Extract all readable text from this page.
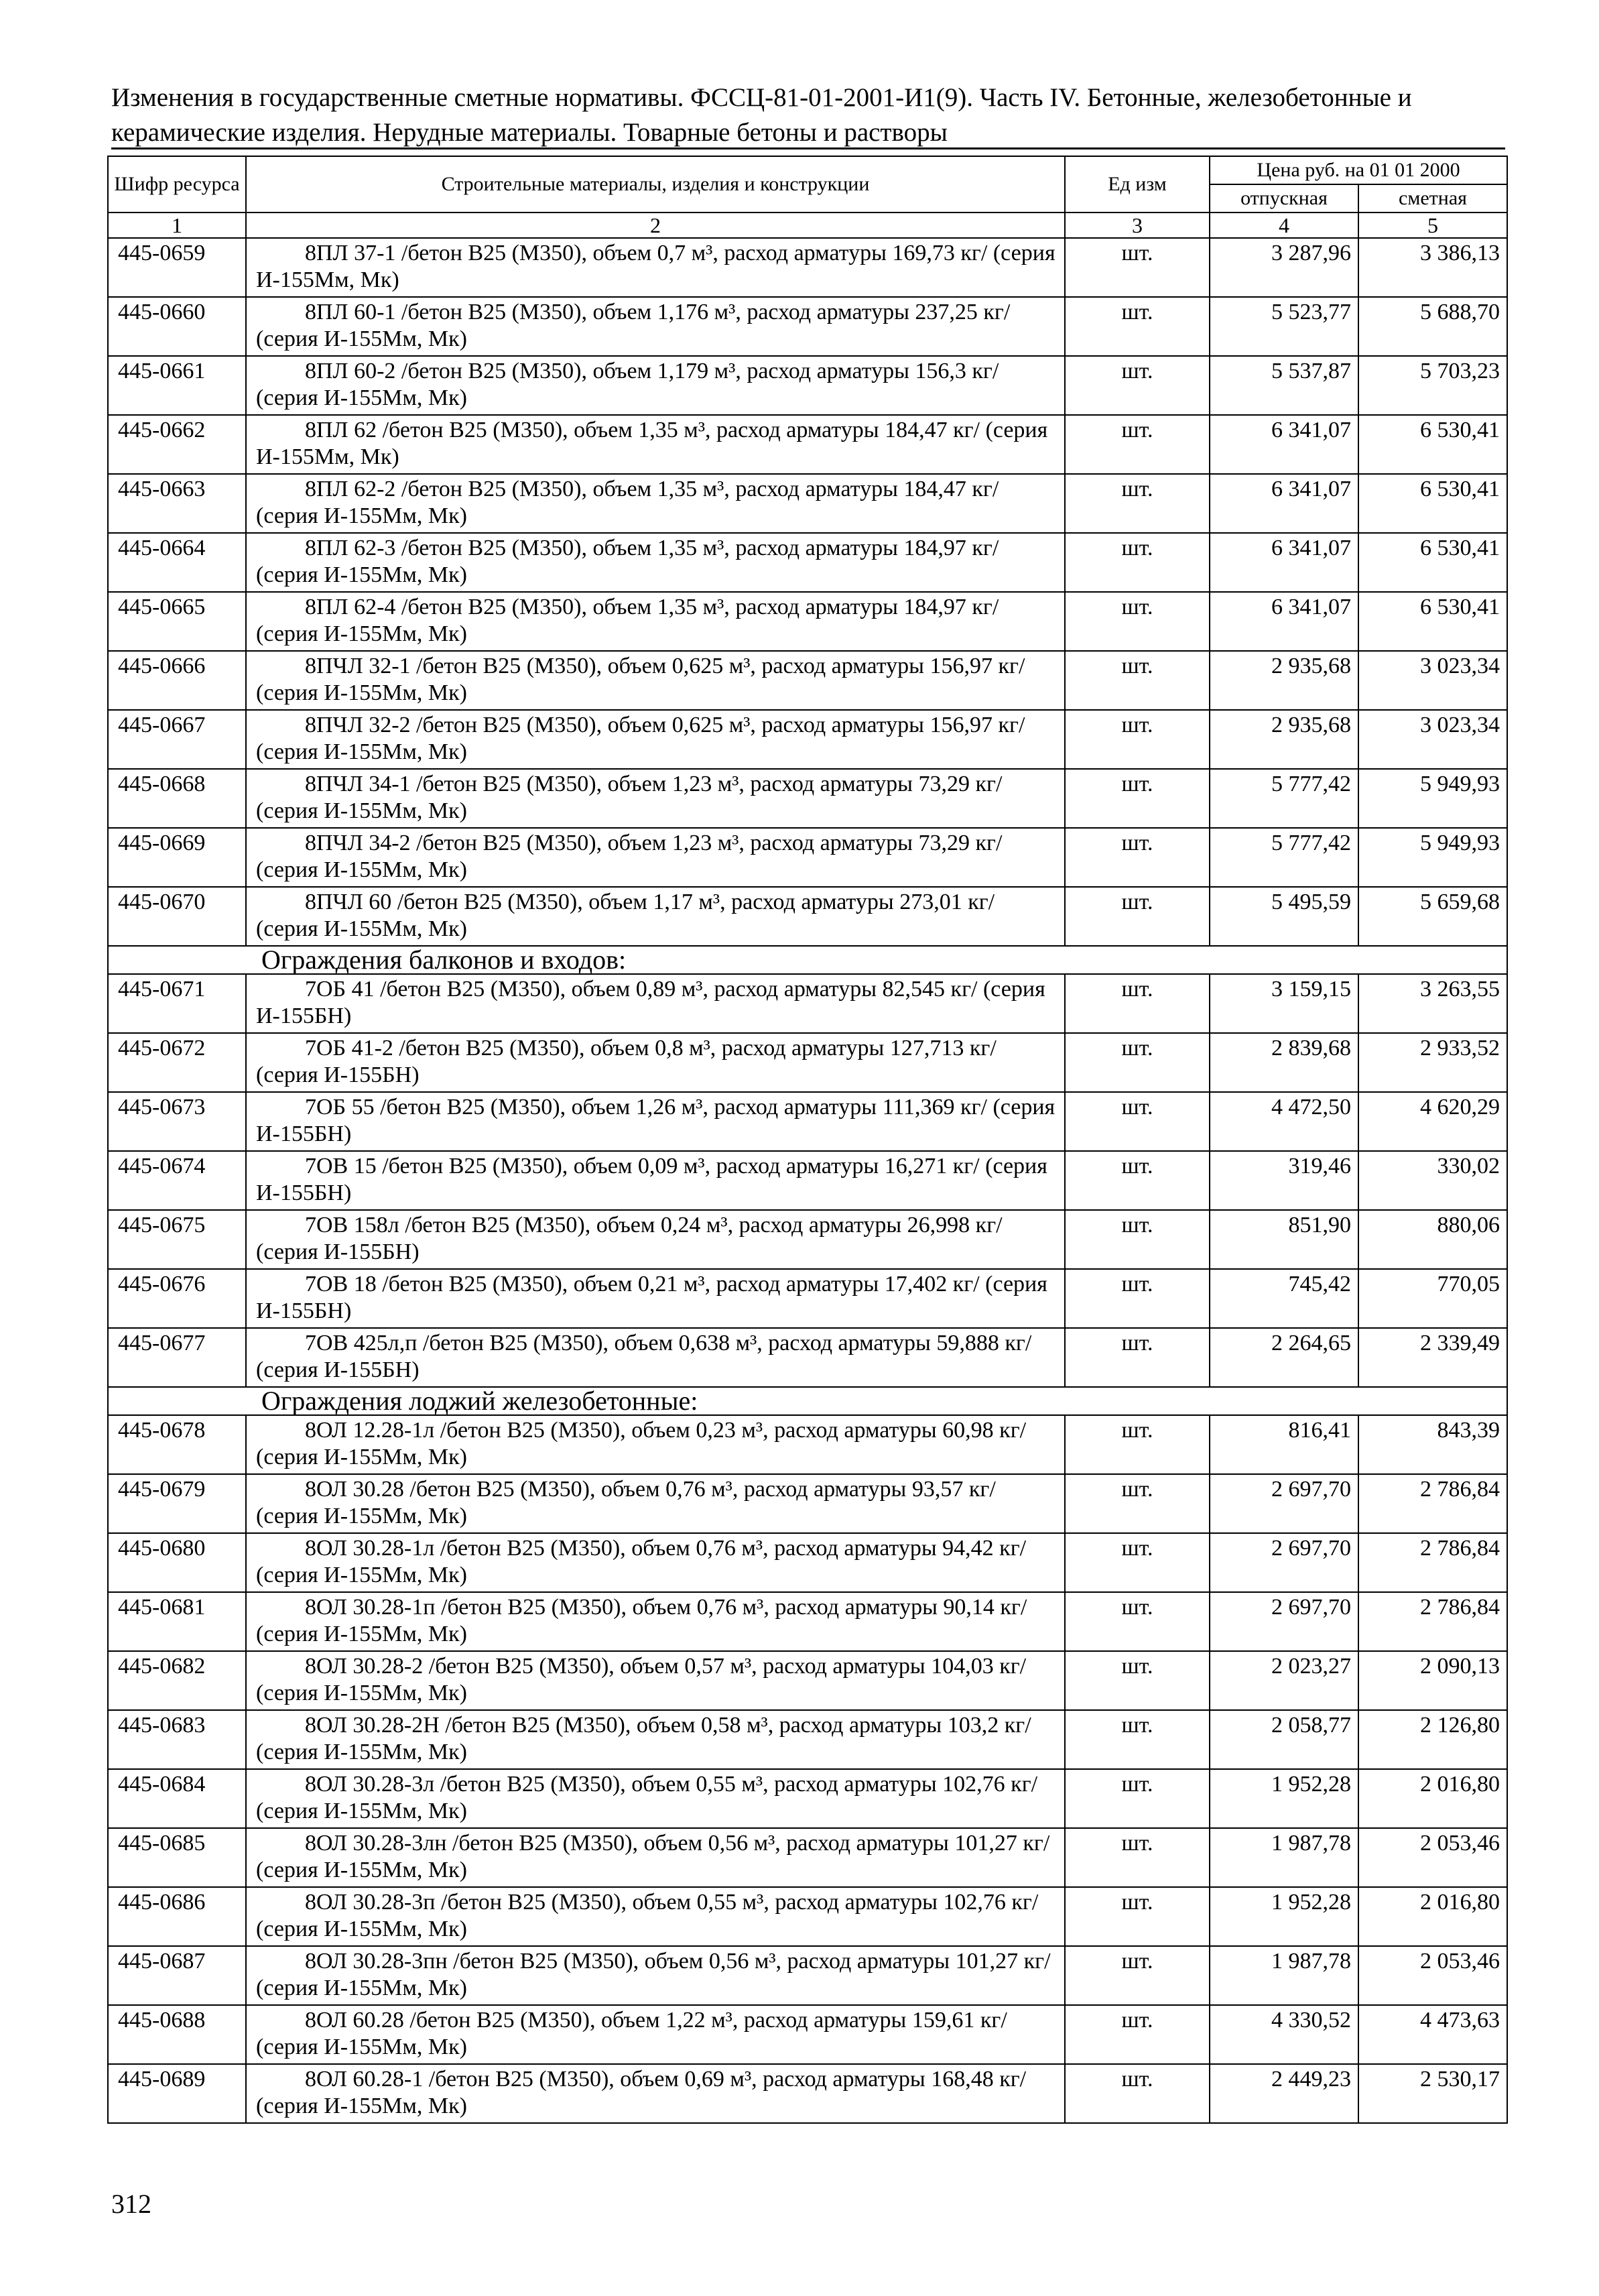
Изменения в государственные сметные нормативы. ФССЦ-81-01-2001-И1(9). Часть IV. Бетонные, железобетонные и
керамические изделия. Нерудные материалы. Товарные бетоны и растворы
Шифр ресурса	Строительные материалы, изделия и конструкции	Ед изм	Цена руб. на 01 01 2000	
			отпускная	сметная
1	2	3	4	5
445-0659	8ПЛ 37-1 /бетон В25 (М350), объем 0,7 м³, расход арматуры 169,73 кг/ (серия И-155Мм, Мк)	шт.	3 287,96	3 386,13
445-0660	8ПЛ 60-1 /бетон В25 (М350), объем 1,176 м³, расход арматуры 237,25 кг/ (серия И-155Мм, Мк)	шт.	5 523,77	5 688,70
445-0661	8ПЛ 60-2 /бетон В25 (М350), объем 1,179 м³, расход арматуры 156,3 кг/ (серия И-155Мм, Мк)	шт.	5 537,87	5 703,23
445-0662	8ПЛ 62 /бетон В25 (М350), объем 1,35 м³, расход арматуры 184,47 кг/ (серия И-155Мм, Мк)	шт.	6 341,07	6 530,41
445-0663	8ПЛ 62-2 /бетон В25 (М350), объем 1,35 м³, расход арматуры 184,47 кг/ (серия И-155Мм, Мк)	шт.	6 341,07	6 530,41
445-0664	8ПЛ 62-3 /бетон В25 (М350), объем 1,35 м³, расход арматуры 184,97 кг/ (серия И-155Мм, Мк)	шт.	6 341,07	6 530,41
445-0665	8ПЛ 62-4 /бетон В25 (М350), объем 1,35 м³, расход арматуры 184,97 кг/ (серия И-155Мм, Мк)	шт.	6 341,07	6 530,41
445-0666	8ПЧЛ 32-1 /бетон В25 (М350), объем 0,625 м³, расход арматуры 156,97 кг/ (серия И-155Мм, Мк)	шт.	2 935,68	3 023,34
445-0667	8ПЧЛ 32-2 /бетон В25 (М350), объем 0,625 м³, расход арматуры 156,97 кг/ (серия И-155Мм, Мк)	шт.	2 935,68	3 023,34
445-0668	8ПЧЛ 34-1 /бетон В25 (М350), объем 1,23 м³, расход арматуры 73,29 кг/ (серия И-155Мм, Мк)	шт.	5 777,42	5 949,93
445-0669	8ПЧЛ 34-2 /бетон В25 (М350), объем 1,23 м³, расход арматуры 73,29 кг/ (серия И-155Мм, Мк)	шт.	5 777,42	5 949,93
445-0670	8ПЧЛ 60 /бетон В25 (М350), объем 1,17 м³, расход арматуры 273,01 кг/ (серия И-155Мм, Мк)	шт.	5 495,59	5 659,68
Ограждения балконов и входов:				
445-0671	7ОБ 41 /бетон В25 (М350), объем 0,89 м³, расход арматуры 82,545 кг/ (серия И-155БН)	шт.	3 159,15	3 263,55
445-0672	7ОБ 41-2 /бетон В25 (М350), объем 0,8 м³, расход арматуры 127,713 кг/ (серия И-155БН)	шт.	2 839,68	2 933,52
445-0673	7ОБ 55 /бетон В25 (М350), объем 1,26 м³, расход арматуры 111,369 кг/ (серия И-155БН)	шт.	4 472,50	4 620,29
445-0674	7ОВ 15 /бетон В25 (М350), объем 0,09 м³, расход арматуры 16,271 кг/ (серия И-155БН)	шт.	319,46	330,02
445-0675	7ОВ 158л /бетон В25 (М350), объем 0,24 м³, расход арматуры 26,998 кг/ (серия И-155БН)	шт.	851,90	880,06
445-0676	7ОВ 18 /бетон В25 (М350), объем 0,21 м³, расход арматуры 17,402 кг/ (серия И-155БН)	шт.	745,42	770,05
445-0677	7ОВ 425л,п /бетон В25 (М350), объем 0,638 м³, расход арматуры 59,888 кг/ (серия И-155БН)	шт.	2 264,65	2 339,49
Ограждения лоджий железобетонные:				
445-0678	8ОЛ 12.28-1л /бетон В25 (М350), объем 0,23 м³, расход арматуры 60,98 кг/ (серия И-155Мм, Мк)	шт.	816,41	843,39
445-0679	8ОЛ 30.28 /бетон В25 (М350), объем 0,76 м³, расход арматуры 93,57 кг/ (серия И-155Мм, Мк)	шт.	2 697,70	2 786,84
445-0680	8ОЛ 30.28-1л /бетон В25 (М350), объем 0,76 м³, расход арматуры 94,42 кг/ (серия И-155Мм, Мк)	шт.	2 697,70	2 786,84
445-0681	8ОЛ 30.28-1п /бетон В25 (М350), объем 0,76 м³, расход арматуры 90,14 кг/ (серия И-155Мм, Мк)	шт.	2 697,70	2 786,84
445-0682	8ОЛ 30.28-2 /бетон В25 (М350), объем 0,57 м³, расход арматуры 104,03 кг/ (серия И-155Мм, Мк)	шт.	2 023,27	2 090,13
445-0683	8ОЛ 30.28-2Н /бетон В25 (М350), объем 0,58 м³, расход арматуры 103,2 кг/ (серия И-155Мм, Мк)	шт.	2 058,77	2 126,80
445-0684	8ОЛ 30.28-3л /бетон В25 (М350), объем 0,55 м³, расход арматуры 102,76 кг/ (серия И-155Мм, Мк)	шт.	1 952,28	2 016,80
445-0685	8ОЛ 30.28-3лн /бетон В25 (М350), объем 0,56 м³, расход арматуры 101,27 кг/ (серия И-155Мм, Мк)	шт.	1 987,78	2 053,46
445-0686	8ОЛ 30.28-3п /бетон В25 (М350), объем 0,55 м³, расход арматуры 102,76 кг/ (серия И-155Мм, Мк)	шт.	1 952,28	2 016,80
445-0687	8ОЛ 30.28-3пн /бетон В25 (М350), объем 0,56 м³, расход арматуры 101,27 кг/ (серия И-155Мм, Мк)	шт.	1 987,78	2 053,46
445-0688	8ОЛ 60.28 /бетон В25 (М350), объем 1,22 м³, расход арматуры 159,61 кг/ (серия И-155Мм, Мк)	шт.	4 330,52	4 473,63
445-0689	8ОЛ 60.28-1 /бетон В25 (М350), объем 0,69 м³, расход арматуры 168,48 кг/ (серия И-155Мм, Мк)	шт.	2 449,23	2 530,17
312
